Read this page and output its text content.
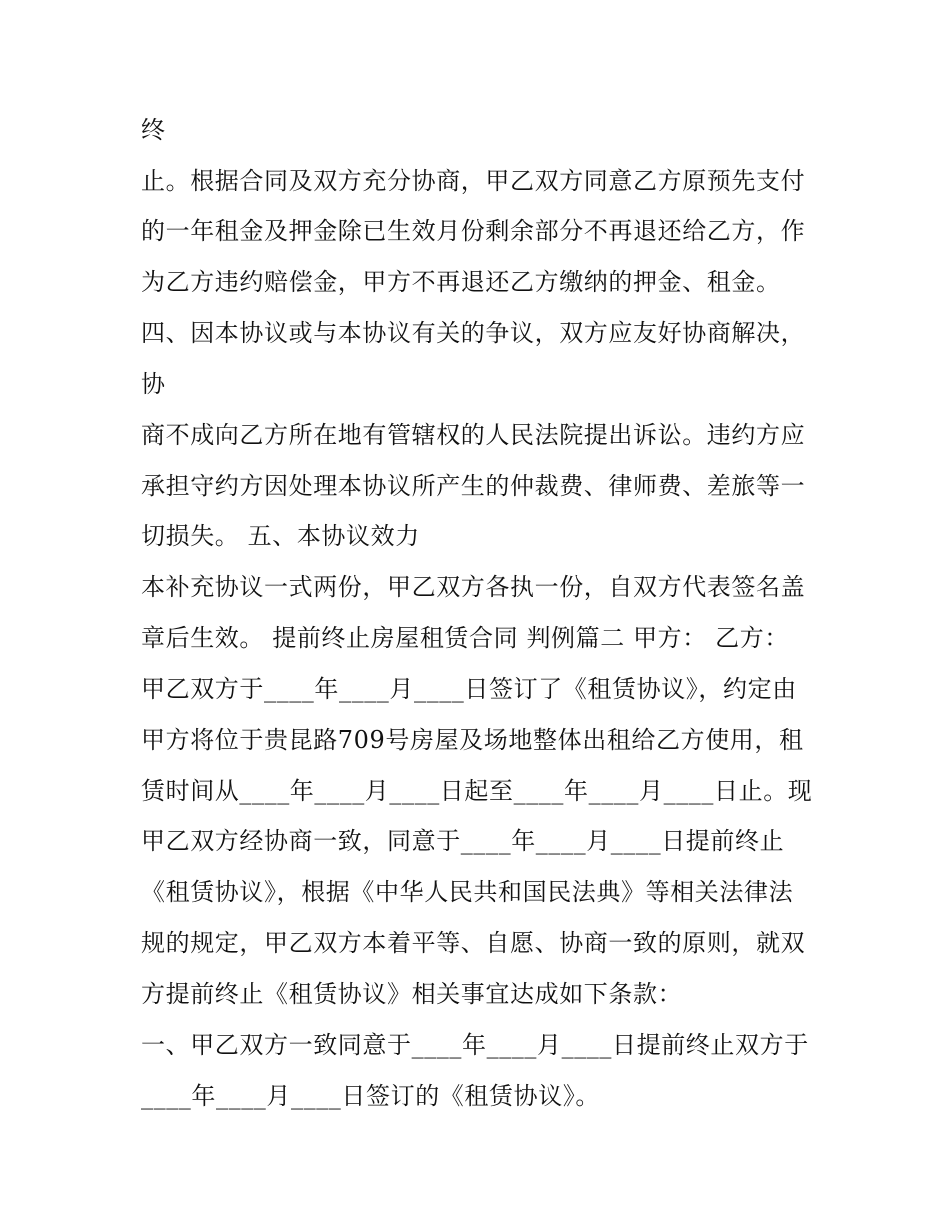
终
止。根据合同及双方充分协商，甲乙双方同意乙方原预先支付
的一年租金及押金除已生效月份剩余部分不再退还给乙方，作
为乙方违约赔偿金，甲方不再退还乙方缴纳的押金、租金。
四、因本协议或与本协议有关的争议，双方应友好协商解决，
协
商不成向乙方所在地有管辖权的人民法院提出诉讼。违约方应
承担守约方因处理本协议所产生的仲裁费、律师费、差旅等一
切损失。 五、本协议效力
本补充协议一式两份，甲乙双方各执一份，自双方代表签名盖
章后生效。 提前终止房屋租赁合同 判例篇二 甲方： 乙方：
甲乙双方于____年____月____日签订了《租赁协议》，约定由
甲方将位于贵昆路709号房屋及场地整体出租给乙方使用，租
赁时间从____年____月____日起至____年____月____日止。现
甲乙双方经协商一致，同意于____年____月____日提前终止
《租赁协议》，根据《中华人民共和国民法典》等相关法律法
规的规定，甲乙双方本着平等、自愿、协商一致的原则，就双
方提前终止《租赁协议》相关事宜达成如下条款：
一、甲乙双方一致同意于____年____月____日提前终止双方于
____年____月____日签订的《租赁协议》。
